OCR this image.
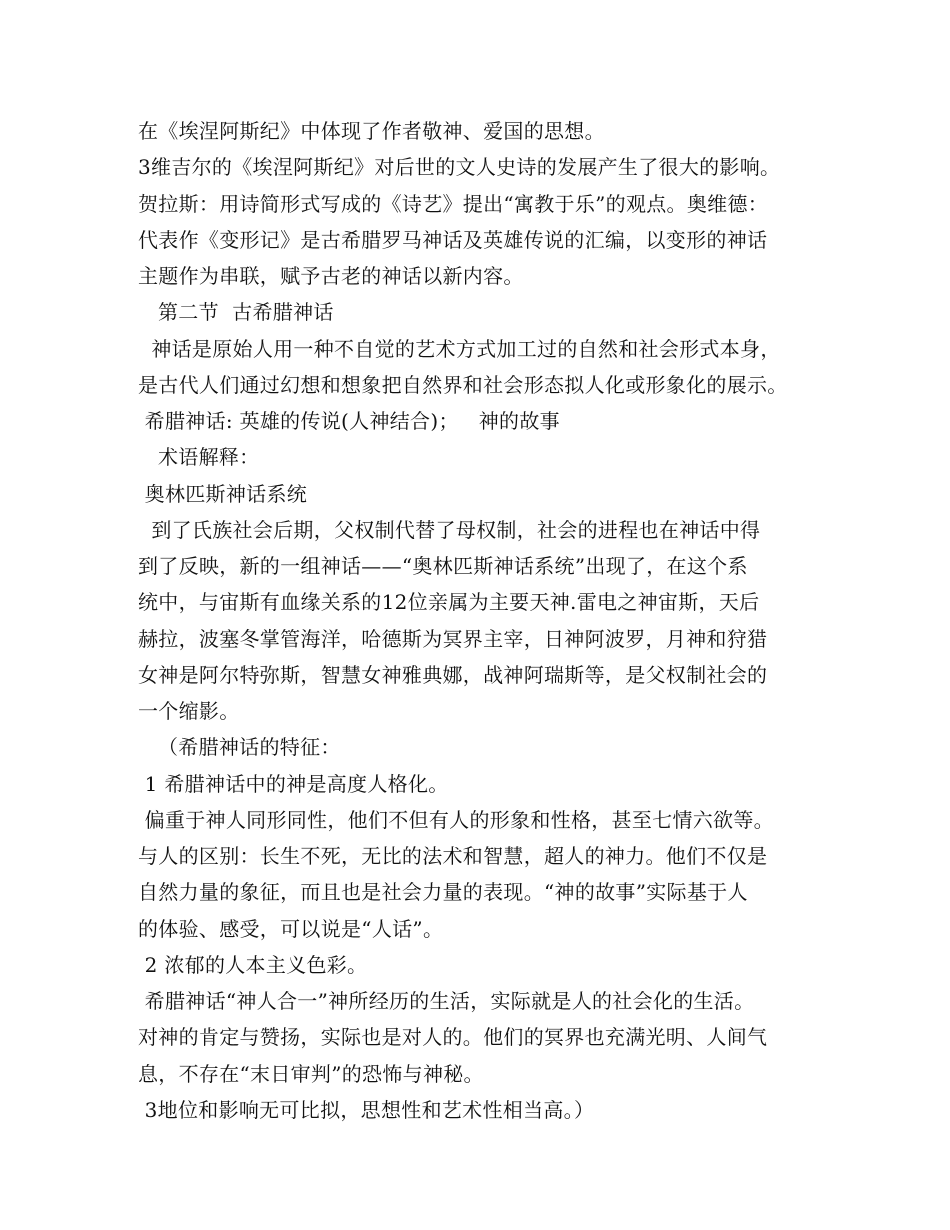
在《埃涅阿斯纪》中体现了作者敬神、爱国的思想。
3维吉尔的《埃涅阿斯纪》对后世的文人史诗的发展产生了很大的影响。
贺拉斯：用诗简形式写成的《诗艺》提出“寓教于乐”的观点。奥维德：
代表作《变形记》是古希腊罗马神话及英雄传说的汇编，以变形的神话
主题作为串联，赋予古老的神话以新内容。
第二节  古希腊神话
神话是原始人用一种不自觉的艺术方式加工过的自然和社会形式本身，
是古代人们通过幻想和想象把自然界和社会形态拟人化或形象化的展示。
希腊神话: 英雄的传说(人神结合)；   神的故事
术语解释：
奥林匹斯神话系统
到了氏族社会后期，父权制代替了母权制，社会的进程也在神话中得
到了反映，新的一组神话——“奥林匹斯神话系统”出现了，在这个系
统中，与宙斯有血缘关系的12位亲属为主要天神.雷电之神宙斯，天后
赫拉，波塞冬掌管海洋，哈德斯为冥界主宰，日神阿波罗，月神和狩猎
女神是阿尔特弥斯，智慧女神雅典娜，战神阿瑞斯等，是父权制社会的
一个缩影。
（希腊神话的特征：
1 希腊神话中的神是高度人格化。
偏重于神人同形同性，他们不但有人的形象和性格，甚至七情六欲等。
与人的区别：长生不死，无比的法术和智慧，超人的神力。他们不仅是
自然力量的象征，而且也是社会力量的表现。“神的故事”实际基于人
的体验、感受，可以说是“人话”。
2 浓郁的人本主义色彩。
希腊神话“神人合一”神所经历的生活，实际就是人的社会化的生活。
对神的肯定与赞扬，实际也是对人的。他们的冥界也充满光明、人间气
息，不存在“末日审判”的恐怖与神秘。
3地位和影响无可比拟，思想性和艺术性相当高。）
